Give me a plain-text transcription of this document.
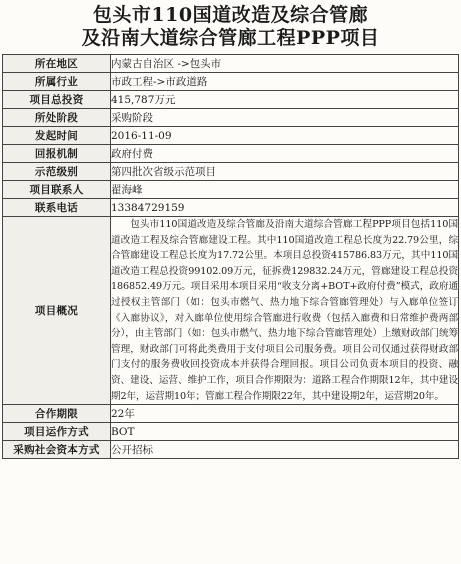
包头市110国道改造及综合管廊
及沿南大道综合管廊工程PPP项目
所在地区	内蒙古自治区 ->包头市
所属行业	市政工程->市政道路
项目总投资	415,787万元
所处阶段	采购阶段
发起时间	2016-11-09
回报机制	政府付费
示范级别	第四批次省级示范项目
项目联系人	翟海峰
联系电话	13384729159
项目概况	包头市110国道改造及综合管廊及沿南大道综合管廊工程PPP项目包括110国道改造工程及综合管廊建设工程。其中110国道改造工程总长度为22.79公里，综合管廊建设工程总长度为17.72公里。本项目总投资415786.83万元，其中110国道改造工程总投资99102.09万元，征拆费129832.24万元，管廊建设工程总投资186852.49万元。项目采用本项目采用“收支分离+BOT+政府付费”模式，政府通过授权主管部门（如：包头市燃气、热力地下综合管廊管理处）与入廊单位签订《入廊协议》，对入廊单位使用综合管廊进行收费（包括入廊费和日常维护费两部分），由主管部门（如：包头市燃气、热力地下综合管廊管理处）上缴财政部门统筹管理，财政部门可将此类费用于支付项目公司服务费。项目公司仅通过获得财政部门支付的服务费收回投资成本并获得合理回报。项目公司负责本项目的投资、融资、建设、运营、维护工作，项目合作期限为：道路工程合作期限12年，其中建设期2年，运营期10年；管廊工程合作期限22年，其中建设期2年，运营期20年。
合作期限	22年
项目运作方式	BOT
采购社会资本方式	公开招标
